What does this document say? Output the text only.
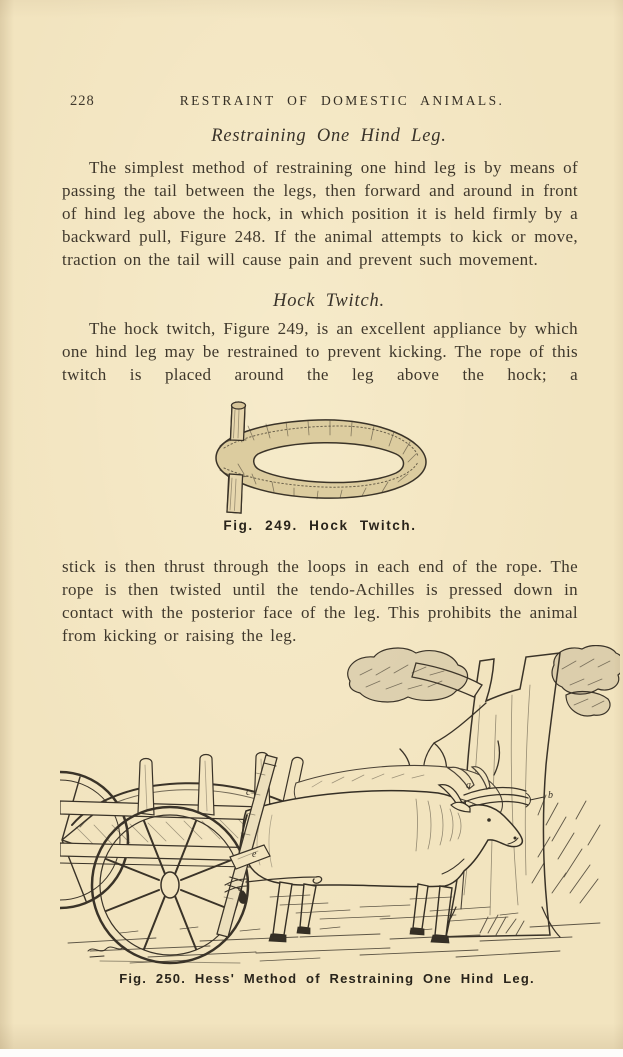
228	RESTRAINT OF DOMESTIC ANIMALS.
Restraining One Hind Leg.

The simplest method of restraining one hind leg is by means of passing the tail between the legs, then forward and around in front of hind leg above the hock, in which position it is held firmly by a backward pull, Figure 248. If the animal attempts to kick or move, traction on the tail will cause pain and prevent such movement.

Hock Twitch.

The hock twitch, Figure 249, is an excellent appliance by which one hind leg may be restrained to prevent kicking. The rope of this twitch is placed around the leg above the hock; a

Fig. 249. Hock Twitch.

stick is then thrust through the loops in each end of the rope. The rope is then twisted until the tendo-Achilles is pressed down in contact with the posterior face of the leg. This prohibits the animal from kicking or raising the leg.

a
b
c
d
e
Fig. 250. Hess' Method of Restraining One Hind Leg.
